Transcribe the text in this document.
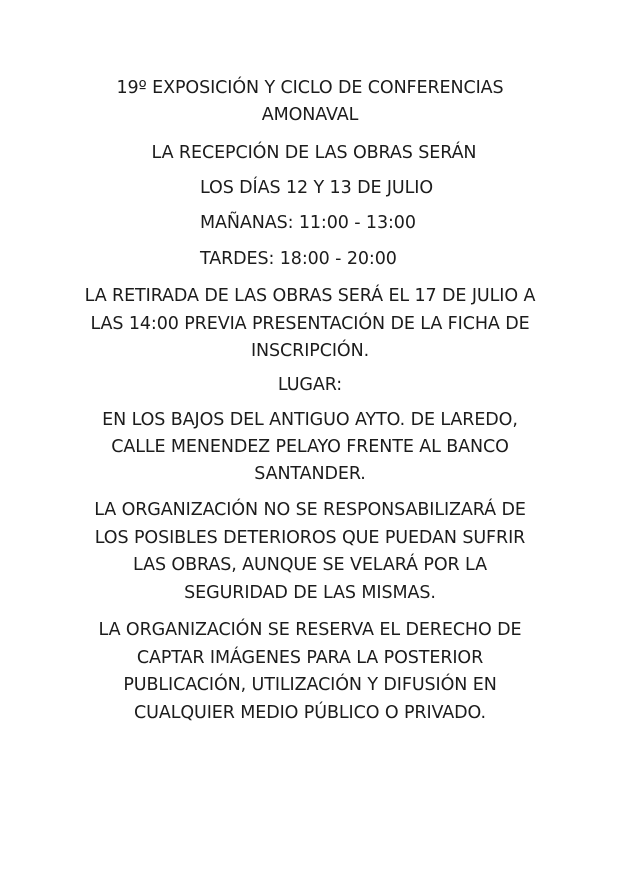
19º EXPOSICIÓN Y CICLO DE CONFERENCIAS
AMONAVAL
LA RECEPCIÓN DE LAS OBRAS SERÁN
LOS DÍAS 12 Y 13 DE JULIO
MAÑANAS: 11:00 - 13:00
TARDES: 18:00 - 20:00
LA RETIRADA DE LAS OBRAS SERÁ EL 17 DE JULIO A
LAS 14:00 PREVIA PRESENTACIÓN DE LA FICHA DE
INSCRIPCIÓN.
LUGAR:
EN LOS BAJOS DEL ANTIGUO AYTO. DE LAREDO,
CALLE MENENDEZ PELAYO FRENTE AL BANCO
SANTANDER.
LA ORGANIZACIÓN NO SE RESPONSABILIZARÁ DE
LOS POSIBLES DETERIOROS QUE PUEDAN SUFRIR
LAS OBRAS, AUNQUE SE VELARÁ POR LA
SEGURIDAD DE LAS MISMAS.
LA ORGANIZACIÓN SE RESERVA EL DERECHO DE
CAPTAR IMÁGENES PARA LA POSTERIOR
PUBLICACIÓN, UTILIZACIÓN Y DIFUSIÓN EN
CUALQUIER MEDIO PÚBLICO O PRIVADO.
